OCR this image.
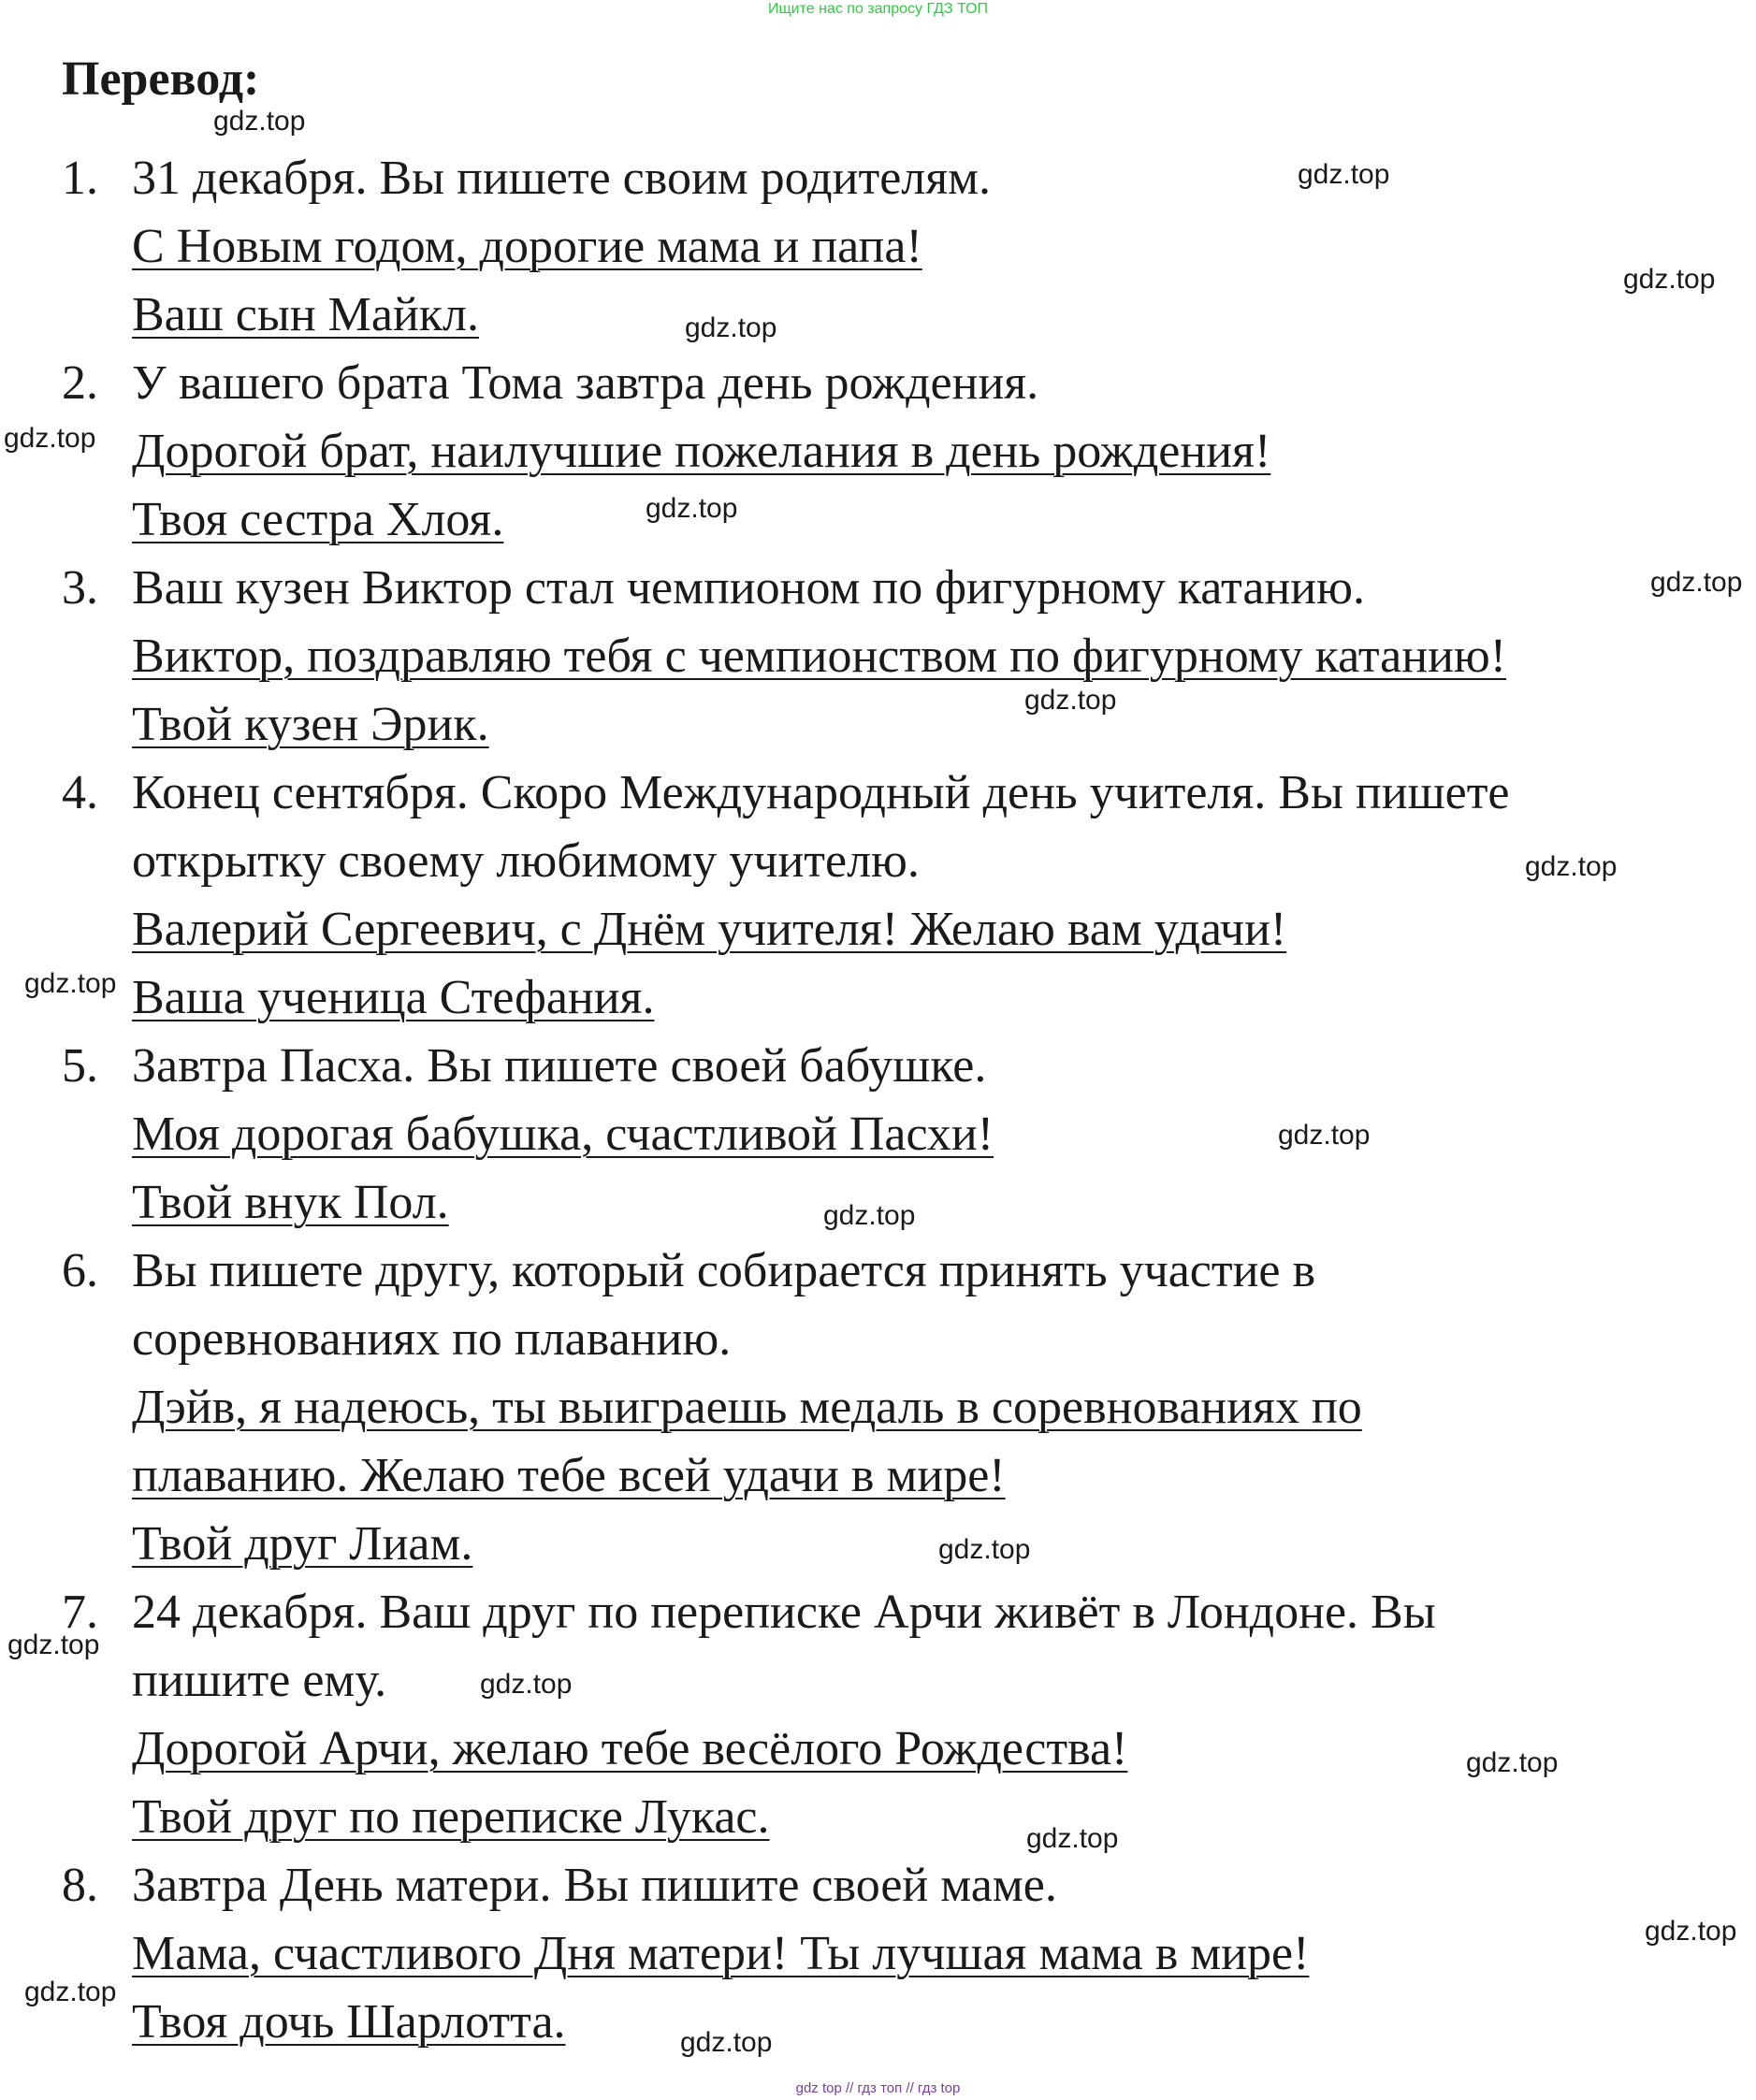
Ищите нас по запросу ГДЗ ТОП
Перевод:
1. 31 декабря. Вы пишете своим родителям.
С Новым годом, дорогие мама и папа!
Ваш сын Майкл.
2. У вашего брата Тома завтра день рождения.
Дорогой брат, наилучшие пожелания в день рождения!
Твоя сестра Хлоя.
3. Ваш кузен Виктор стал чемпионом по фигурному катанию.
Виктор, поздравляю тебя с чемпионством по фигурному катанию!
Твой кузен Эрик.
4. Конец сентября. Скоро Международный день учителя. Вы пишете
открытку своему любимому учителю.
Валерий Сергеевич, с Днём учителя! Желаю вам удачи!
Ваша ученица Стефания.
5. Завтра Пасха. Вы пишете своей бабушке.
Моя дорогая бабушка, счастливой Пасхи!
Твой внук Пол.
6. Вы пишете другу, который собирается принять участие в
соревнованиях по плаванию.
Дэйв, я надеюсь, ты выиграешь медаль в соревнованиях по
плаванию. Желаю тебе всей удачи в мире!
Твой друг Лиам.
7. 24 декабря. Ваш друг по переписке Арчи живёт в Лондоне. Вы
пишите ему.
Дорогой Арчи, желаю тебе весёлого Рождества!
Твой друг по переписке Лукас.
8. Завтра День матери. Вы пишите своей маме.
Мама, счастливого Дня матери! Ты лучшая мама в мире!
Твоя дочь Шарлотта.
gdz.top
gdz.top
gdz.top
gdz.top
gdz.top
gdz.top
gdz.top
gdz.top
gdz.top
gdz.top
gdz.top
gdz.top
gdz.top
gdz.top
gdz.top
gdz.top
gdz.top
gdz.top
gdz.top
gdz.top
gdz top // гдз топ // гдз top
